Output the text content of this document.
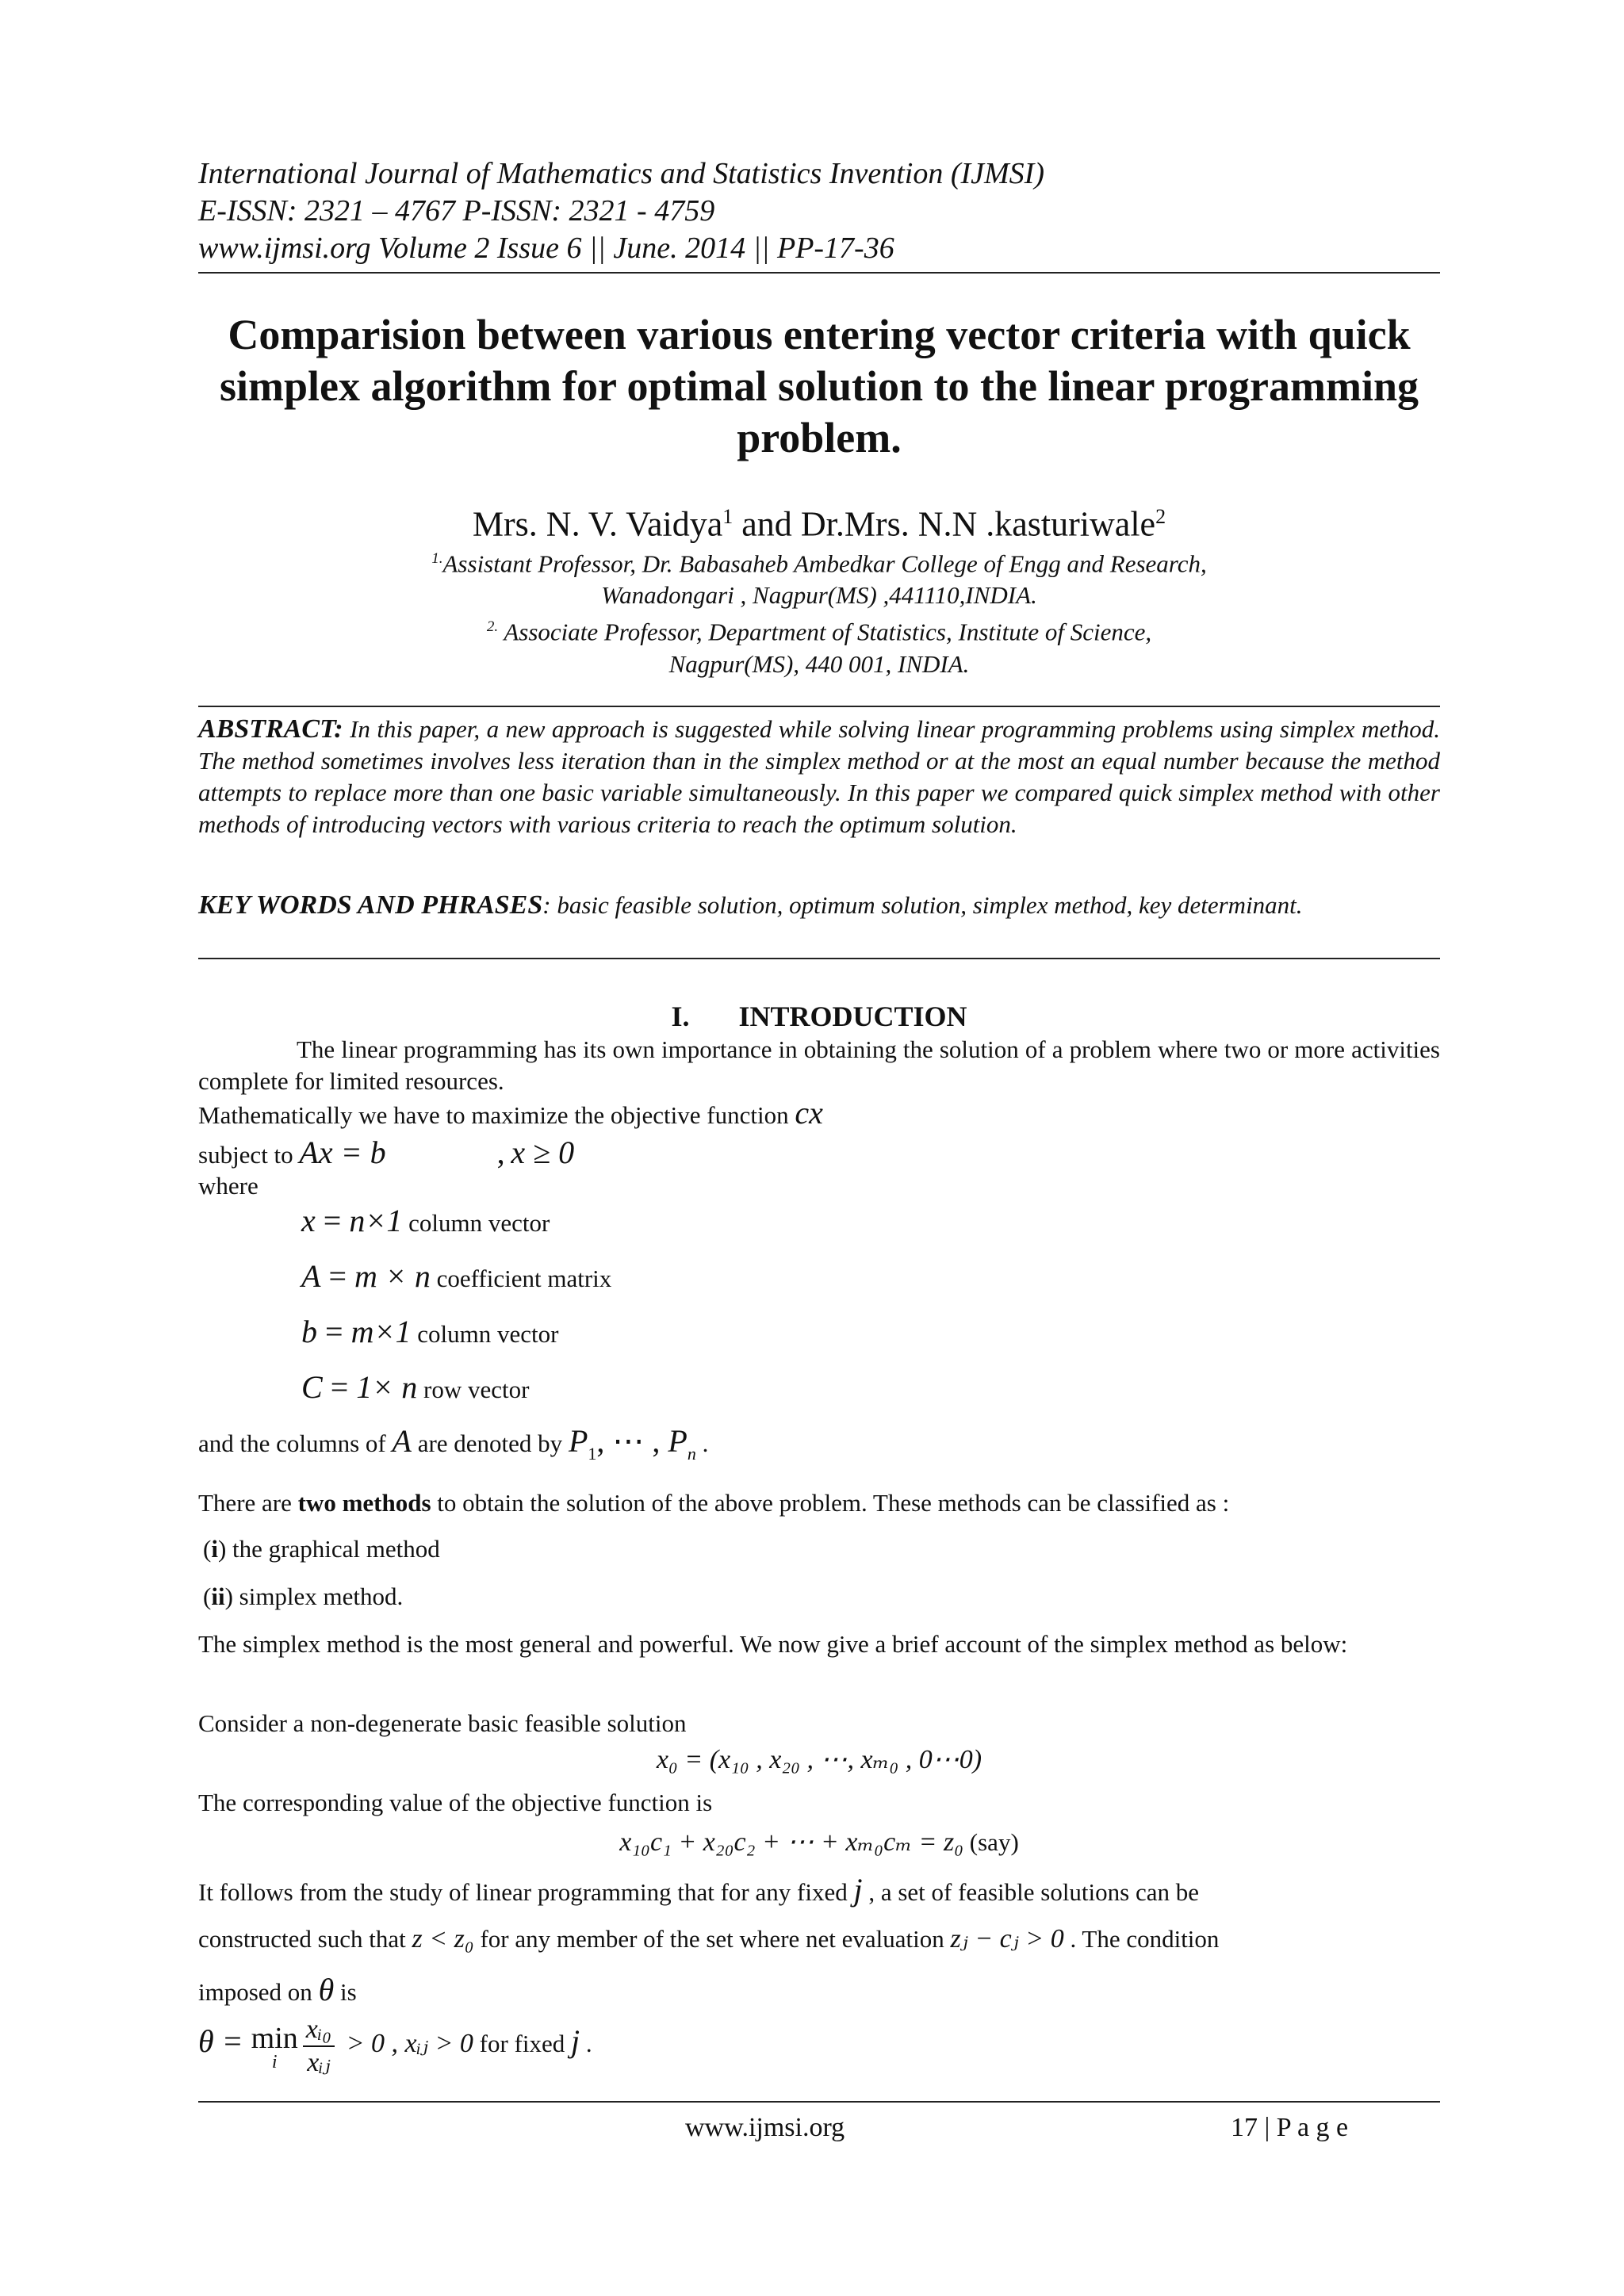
International Journal of Mathematics and Statistics Invention (IJMSI)
E-ISSN: 2321 – 4767 P-ISSN: 2321 - 4759
www.ijmsi.org Volume 2 Issue 6 || June. 2014 || PP-17-36
Comparision between various entering vector criteria with quick
simplex algorithm for optimal solution to the linear programming
problem.
Mrs. N. V. Vaidya$^1$ and Dr.Mrs. N.N .kasturiwale$^2$
$^{1.}$Assistant Professor, Dr. Babasaheb Ambedkar College of Engg and Research,
Wanadongari , Nagpur(MS) ,441110,INDIA.
$^{2.}$ Associate Professor, Department of Statistics, Institute of Science,
Nagpur(MS), 440 001, INDIA.
ABSTRACT: In this paper, a new approach is suggested while solving linear programming problems using simplex method. The method sometimes involves less iteration than in the simplex method or at the most an equal number because the method attempts to replace more than one basic variable simultaneously. In this paper we compared quick simplex method with other methods of introducing vectors with various criteria to reach the optimum solution.
KEY WORDS AND PHRASES: basic feasible solution, optimum solution, simplex method, key determinant.
I. INTRODUCTION
The linear programming has its own importance in obtaining the solution of a problem where two or more activities complete for limited resources.
Mathematically we have to maximize the objective function cx
subject to Ax = b	, x ≥ 0
where
x = n×1 column vector
A = m × n coefficient matrix
b = m×1 column vector
C = 1× n row vector
and the columns of A are denoted by $P_1$, ⋯ , $P_n$ .
There are two methods to obtain the solution of the above problem. These methods can be classified as :
(i) the graphical method
(ii) simplex method.
The simplex method is the most general and powerful. We now give a brief account of the simplex method as below:
Consider a non-degenerate basic feasible solution
x₀ = (x₁₀ , x₂₀ , ⋯, xₘ₀ , 0⋯0)
The corresponding value of the objective function is
x₁₀c₁ + x₂₀c₂ + ⋯ + xₘ₀cₘ = z₀ (say)
It follows from the study of linear programming that for any fixed j , a set of feasible solutions can be
constructed such that z < z₀ for any member of the set where net evaluation zⱼ − cⱼ > 0 . The condition
imposed on θ is
θ = min
i $\frac{\text{xᵢ₀}}{\text{xᵢⱼ}} > 0$ , xᵢⱼ > 0 for fixed j .
www.ijmsi.org	17 | P a g e
